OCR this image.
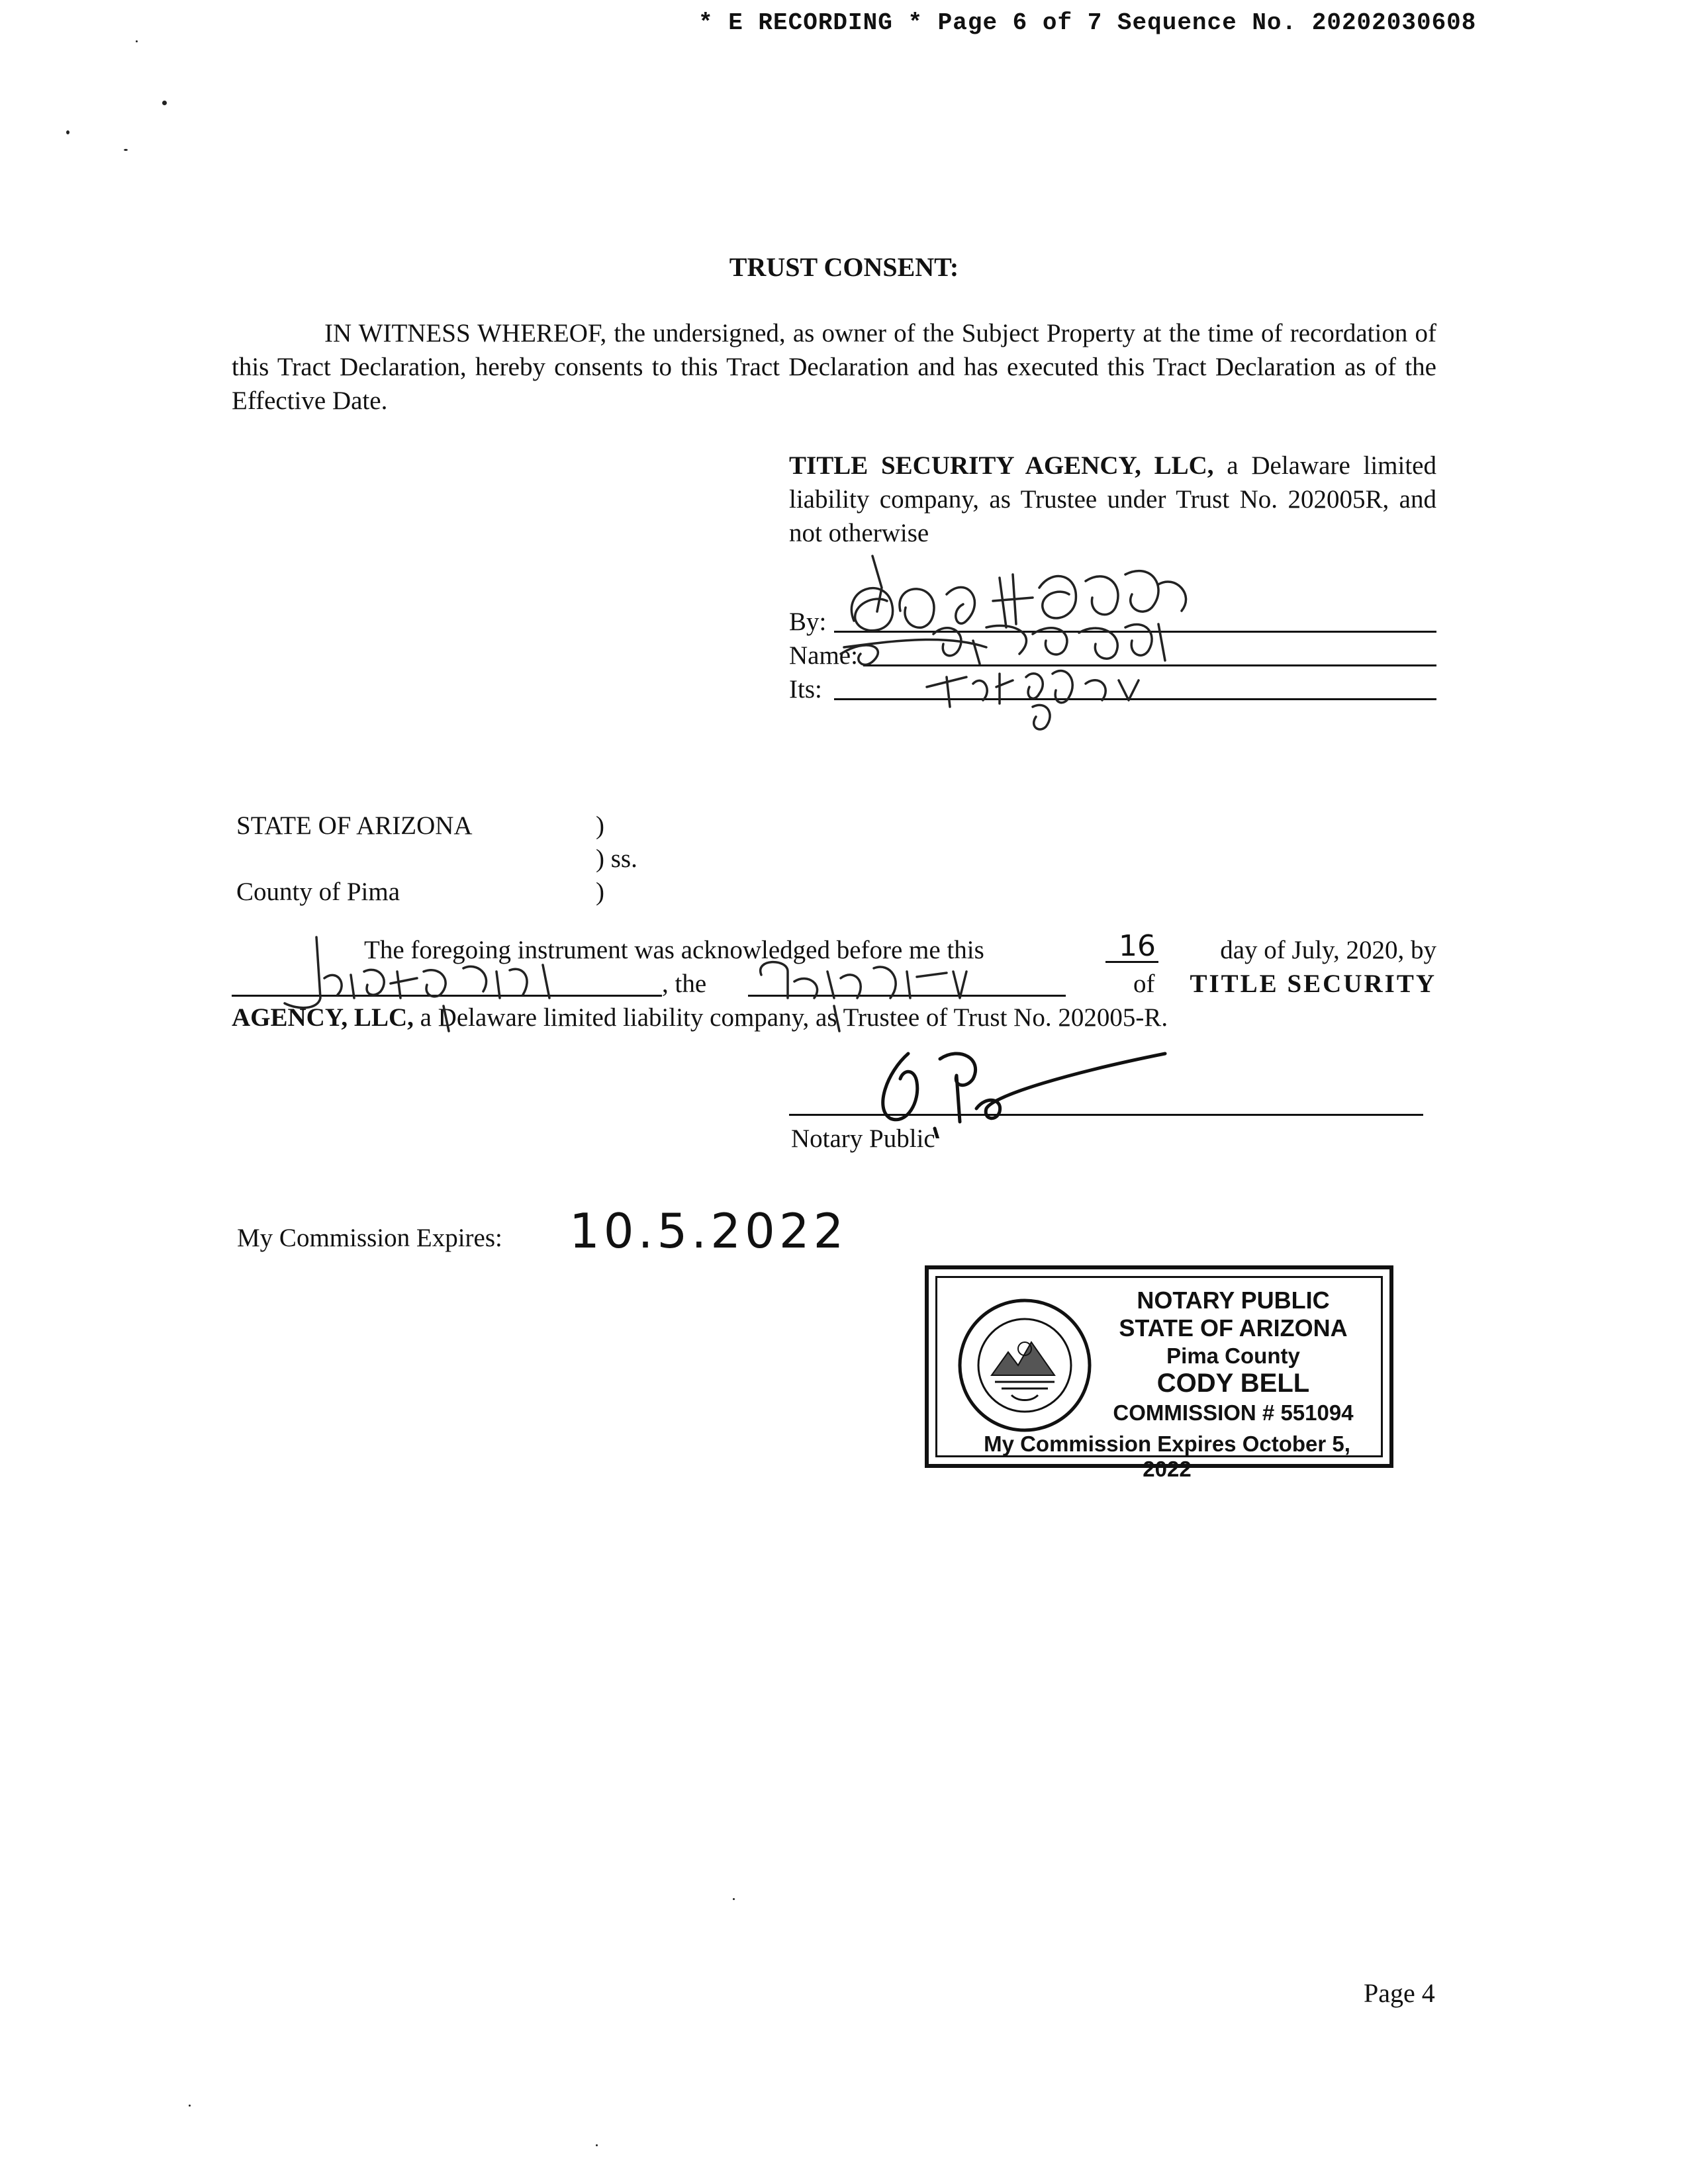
* E RECORDING * Page 6 of 7 Sequence No. 20202030608
TRUST CONSENT:
IN WITNESS WHEREOF, the undersigned, as owner of the Subject Property at the time of recordation of this Tract Declaration, hereby consents to this Tract Declaration and has executed this Tract Declaration as of the Effective Date.
TITLE SECURITY AGENCY, LLC, a Delaware limited liability company, as Trustee under Trust No. 202005R, and not otherwise
By:
Name:
Its:
STATE OF ARIZONA	)
) ss.
County of Pima	)
The foregoing instrument was acknowledged before me this	16 day of July, 2020, by
, the	of TITLE SECURITY
AGENCY, LLC, a Delaware limited liability company, as Trustee of Trust No. 202005-R.
Notary Public
My Commission Expires: 10.5.2022
NOTARY PUBLIC
STATE OF ARIZONA
Pima County
CODY BELL
COMMISSION # 551094
My Commission Expires October 5, 2022
Page 4
